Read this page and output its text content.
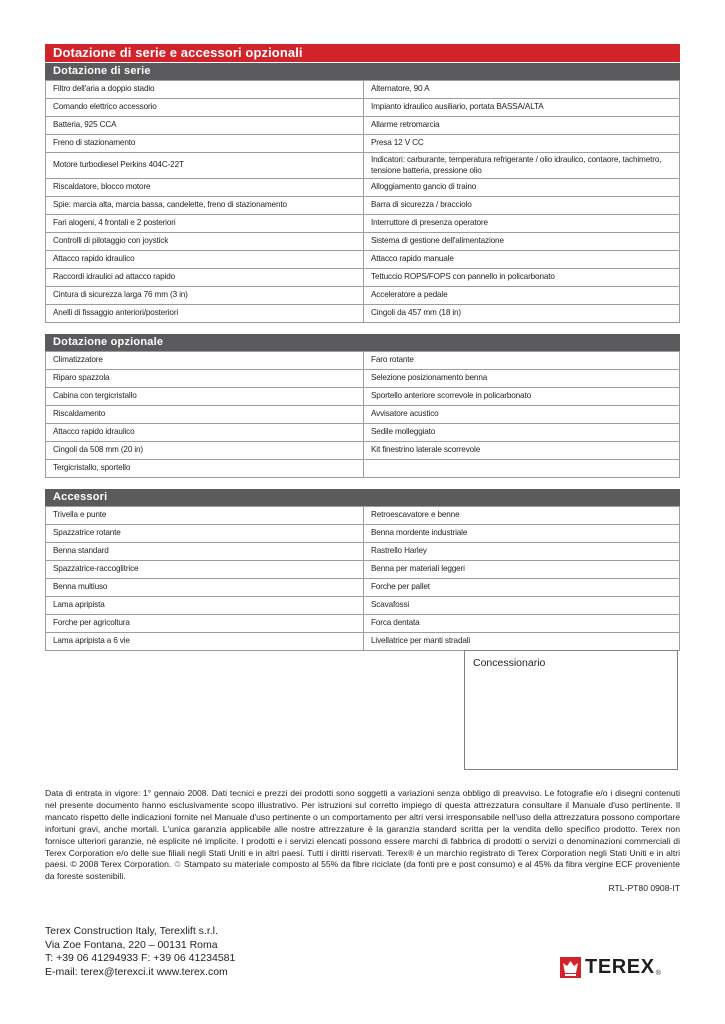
Dotazione di serie e accessori opzionali
Dotazione di serie
Filtro dell'aria a doppio stadio	Alternatore, 90 A
Comando elettrico accessorio	Impianto idraulico ausiliario, portata BASSA/ALTA
Batteria, 925 CCA	Allarme retromarcia
Freno di stazionamento	Presa 12 V CC
Motore turbodiesel Perkins 404C-22T	Indicatori: carburante, temperatura refrigerante / olio idraulico, contaore, tachimetro, tensione batteria, pressione olio
Riscaldatore, blocco motore	Alloggiamento gancio di traino
Spie: marcia alta, marcia bassa, candelette, freno di stazionamento	Barra di sicurezza / bracciolo
Fari alogeni, 4 frontali e 2 posteriori	Interruttore di presenza operatore
Controlli di pilotaggio con joystick	Sistema di gestione dell'alimentazione
Attacco rapido idraulico	Attacco rapido manuale
Raccordi idraulici ad attacco rapido	Tettuccio ROPS/FOPS con pannello in policarbonato
Cintura di sicurezza larga 76 mm (3 in)	Acceleratore a pedale
Anelli di fissaggio anteriori/posteriori	Cingoli da 457 mm (18 in)
Dotazione opzionale
Climatizzatore	Faro rotante
Riparo spazzola	Selezione posizionamento benna
Cabina con tergicristallo	Sportello anteriore scorrevole in policarbonato
Riscaldamento	Avvisatore acustico
Attacco rapido idraulico	Sedile molleggiato
Cingoli da 508 mm (20 in)	Kit finestrino laterale scorrevole
Tergicristallo, sportello	
Accessori
Trivella e punte	Retroescavatore e benne
Spazzatrice rotante	Benna mordente industriale
Benna standard	Rastrello Harley
Spazzatrice-raccoglitrice	Benna per materiali leggeri
Benna multiuso	Forche per pallet
Lama apripista	Scavafossi
Forche per agricoltura	Forca dentata
Lama apripista a 6 vie	Livellatrice per manti stradali
Concessionario
Data di entrata in vigore: 1° gennaio 2008. Dati tecnici e prezzi dei prodotti sono soggetti a variazioni senza obbligo di preavviso. Le fotografie e/o i disegni contenuti nel presente documento hanno esclusivamente scopo illustrativo. Per istruzioni sul corretto impiego di questa attrezzatura consultare il Manuale d'uso pertinente. Il mancato rispetto delle indicazioni fornite nel Manuale d'uso pertinente o un comportamento per altri versi irresponsabile nell'uso della attrezzatura possono comportare infortuni gravi, anche mortali. L'unica garanzia applicabile alle nostre attrezzature è la garanzia standard scritta per la vendita dello specifico prodotto. Terex non fornisce ulteriori garanzie, né esplicite né implicite. I prodotti e i servizi elencati possono essere marchi di fabbrica di prodotti o servizi o denominazioni commerciali di Terex Corporation e/o delle sue filiali negli Stati Uniti e in altri paesi. Tutti i diritti riservati. Terex® è un marchio registrato di Terex Corporation negli Stati Uniti e in altri paesi. © 2008 Terex Corporation. ♲ Stampato su materiale composto al 55% da fibre riciclate (da fonti pre e post consumo) e al 45% da fibra vergine ECF proveniente da foreste sostenibili.
RTL-PT80 0908-IT
Terex Construction Italy, Terexlift s.r.l.
Via Zoe Fontana, 220 – 00131 Roma
T: +39 06 41294933 F: +39 06 41234581
E-mail: terex@terexci.it www.terex.com	TEREX ®
